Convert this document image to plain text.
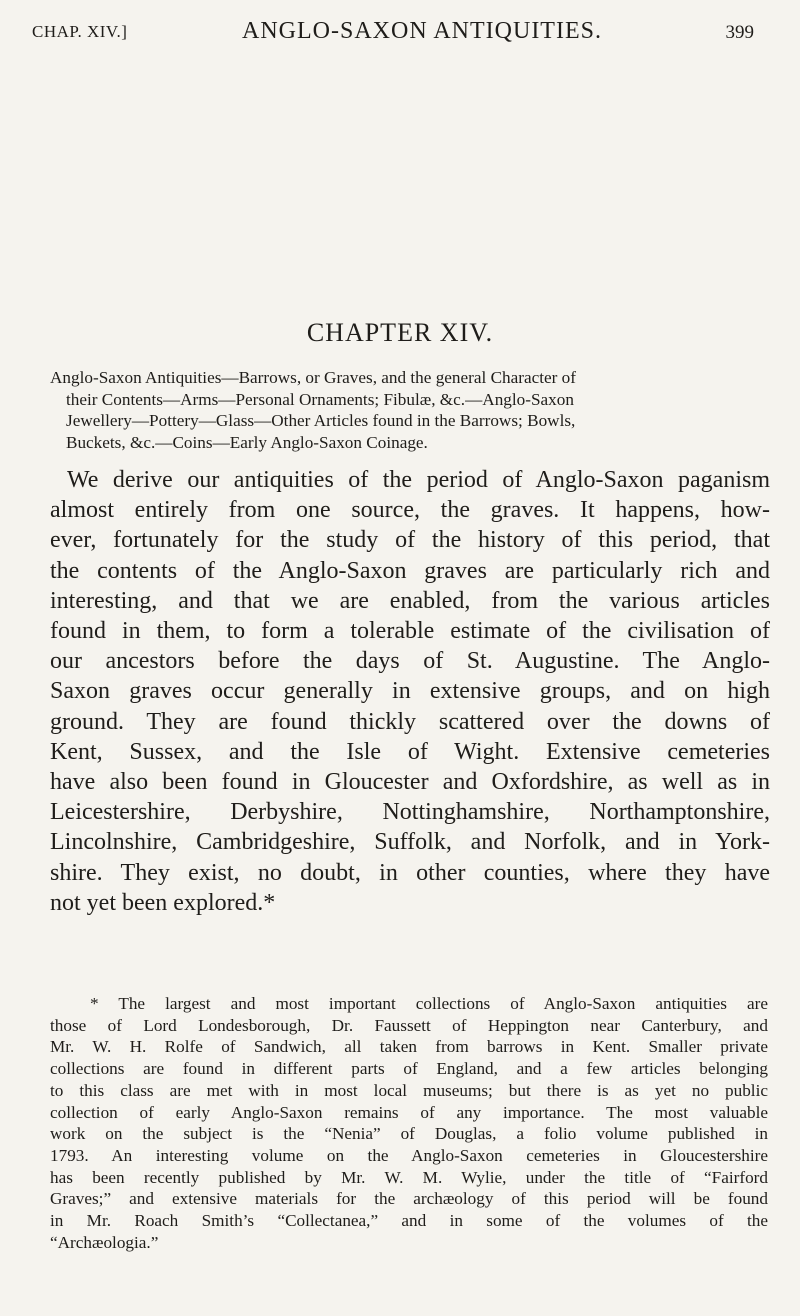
CHAP. XIV.]	ANGLO-SAXON ANTIQUITIES.	399
CHAPTER XIV.
Anglo-Saxon Antiquities—Barrows, or Graves, and the general Character of
their Contents—Arms—Personal Ornaments; Fibulæ, &c.—Anglo-Saxon
Jewellery—Pottery—Glass—Other Articles found in the Barrows; Bowls,
Buckets, &c.—Coins—Early Anglo-Saxon Coinage.
We derive our antiquities of the period of Anglo-Saxon paganism
almost entirely from one source, the graves. It happens, how-
ever, fortunately for the study of the history of this period, that
the contents of the Anglo-Saxon graves are particularly rich and
interesting, and that we are enabled, from the various articles
found in them, to form a tolerable estimate of the civilisation of
our ancestors before the days of St. Augustine. The Anglo-
Saxon graves occur generally in extensive groups, and on high
ground. They are found thickly scattered over the downs of
Kent, Sussex, and the Isle of Wight. Extensive cemeteries
have also been found in Gloucester and Oxfordshire, as well as in
Leicestershire, Derbyshire, Nottinghamshire, Northamptonshire,
Lincolnshire, Cambridgeshire, Suffolk, and Norfolk, and in York-
shire. They exist, no doubt, in other counties, where they have
not yet been explored.*
* The largest and most important collections of Anglo-Saxon antiquities are
those of Lord Londesborough, Dr. Faussett of Heppington near Canterbury, and
Mr. W. H. Rolfe of Sandwich, all taken from barrows in Kent. Smaller private
collections are found in different parts of England, and a few articles belonging
to this class are met with in most local museums; but there is as yet no public
collection of early Anglo-Saxon remains of any importance. The most valuable
work on the subject is the “Nenia” of Douglas, a folio volume published in
1793. An interesting volume on the Anglo-Saxon cemeteries in Gloucestershire
has been recently published by Mr. W. M. Wylie, under the title of “Fairford
Graves;” and extensive materials for the archæology of this period will be found
in Mr. Roach Smith’s “Collectanea,” and in some of the volumes of the
“Archæologia.”
